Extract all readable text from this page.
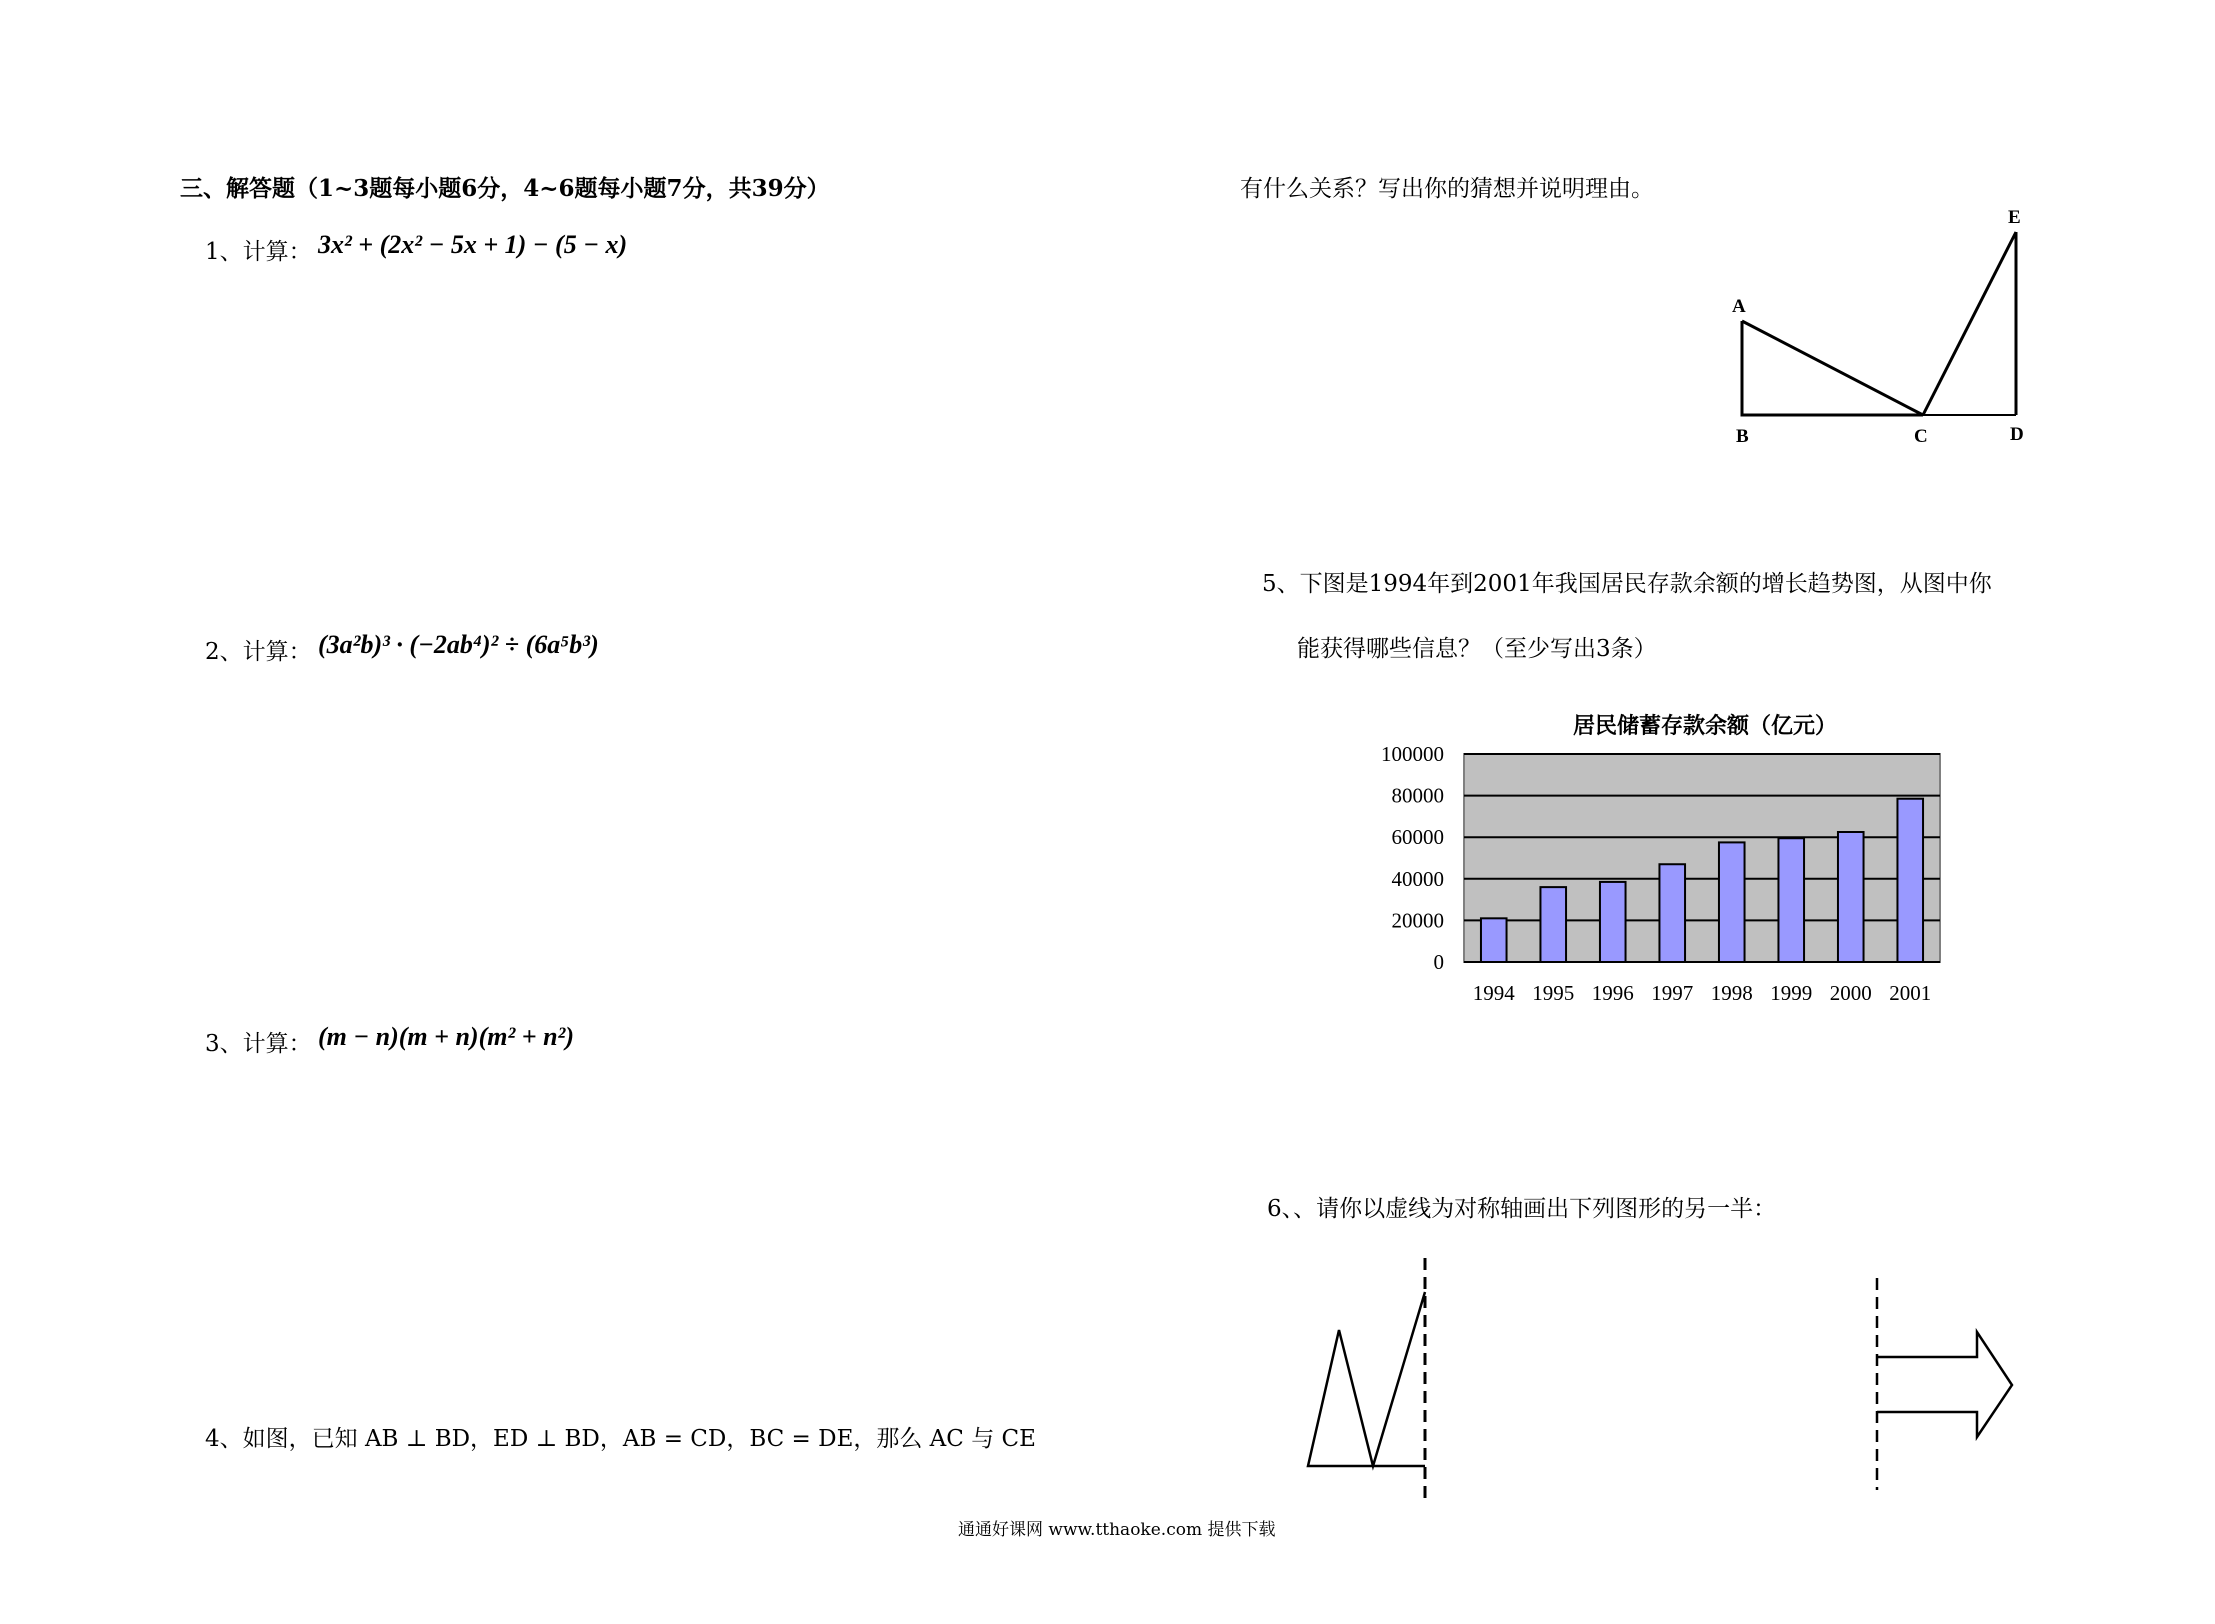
三、解答题（1~3题每小题6分，4~6题每小题7分，共39分）
1、计算： 3x² + (2x² − 5x + 1) − (5 − x)
2、计算： (3a²b)³ · (−2ab⁴)² ÷ (6a⁵b³)
3、计算： (m − n)(m + n)(m² + n²)
4、如图，已知 AB ⊥ BD，ED ⊥ BD，AB = CD，BC = DE，那么 AC 与 CE
有什么关系？写出你的猜想并说明理由。
A
B	C	D
E
5、下图是1994年到2001年我国居民存款余额的增长趋势图，从图中你
能获得哪些信息？（至少写出3条）
居民储蓄存款余额（亿元）
0
20000
40000
60000
80000
100000
1994 1995 1996 1997 1998 1999 2000 2001
6、、请你以虚线为对称轴画出下列图形的另一半：
通通好课网 www.tthaoke.com 提供下载
